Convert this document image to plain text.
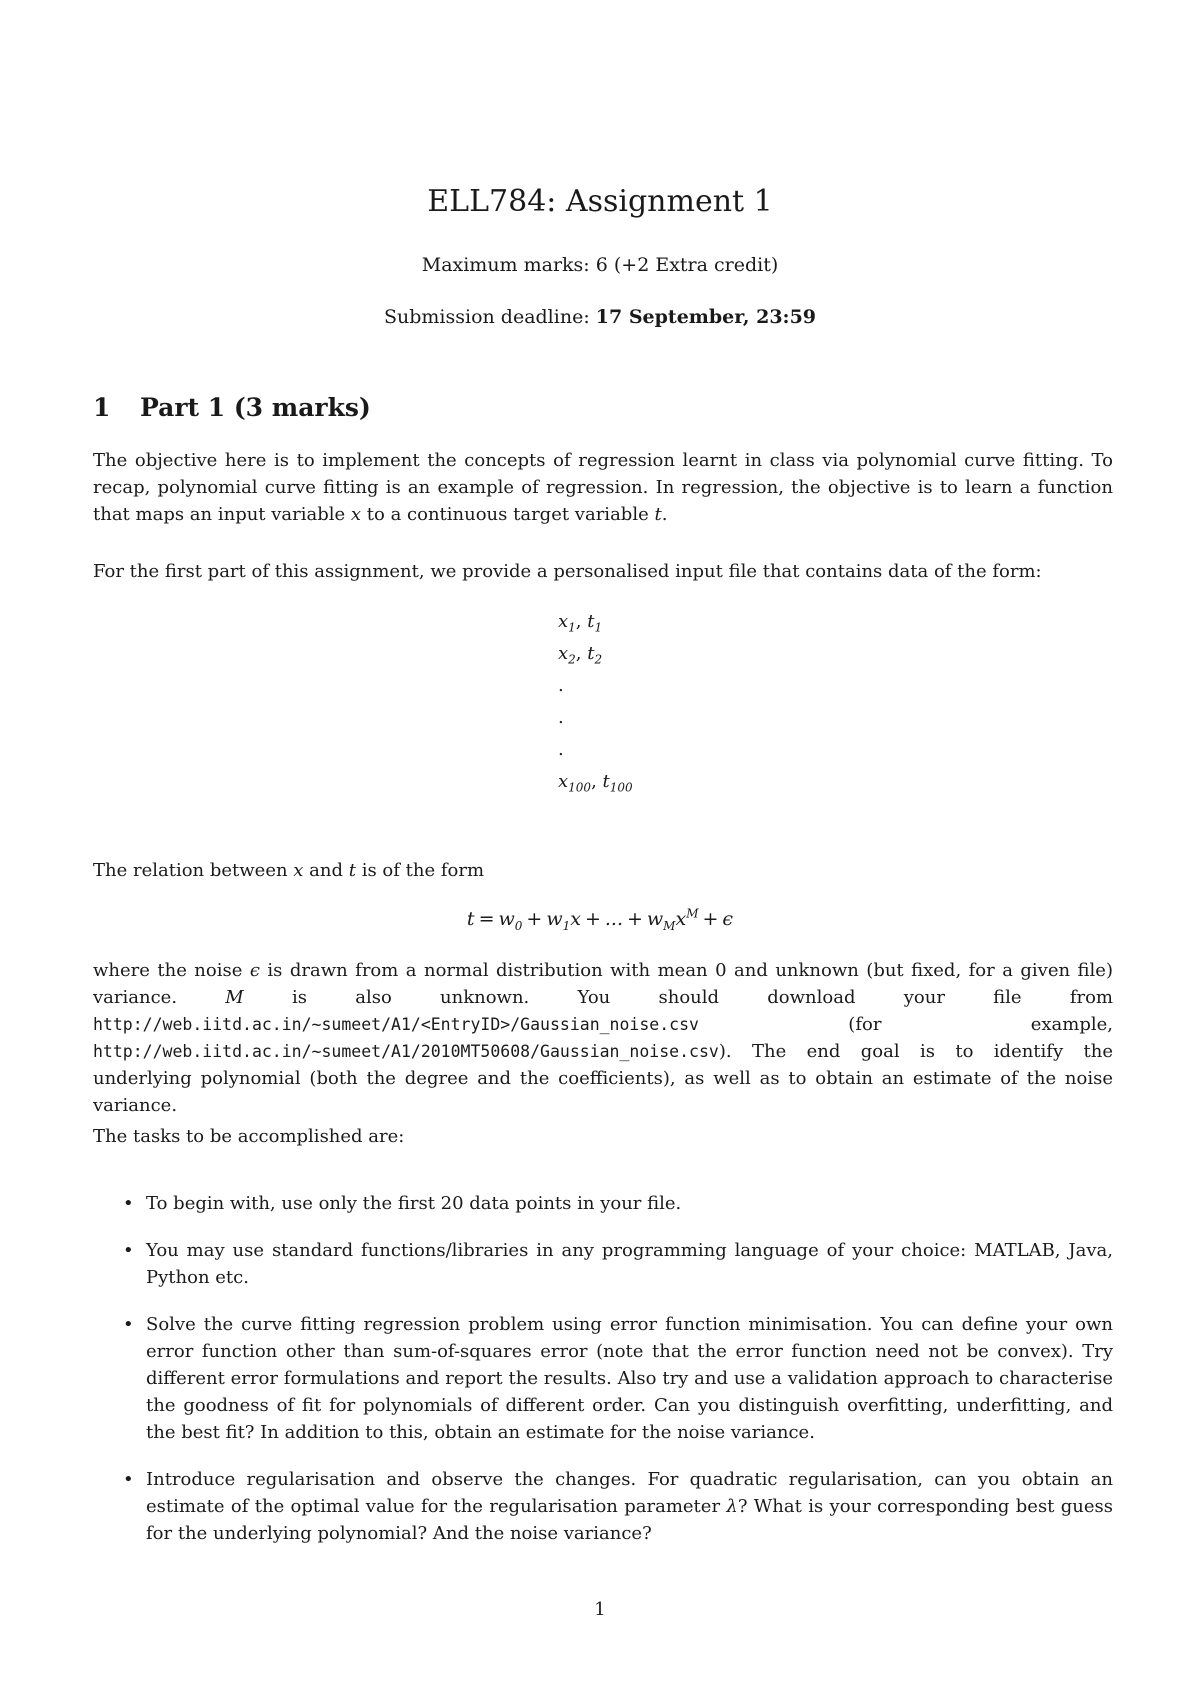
ELL784: Assignment 1
Maximum marks: 6 (+2 Extra credit)
Submission deadline: 17 September, 23:59
1 Part 1 (3 marks)
The objective here is to implement the concepts of regression learnt in class via polynomial curve fitting. To recap, polynomial curve fitting is an example of regression. In regression, the objective is to learn a function that maps an input variable x to a continuous target variable t.
For the first part of this assignment, we provide a personalised input file that contains data of the form:
$x_1$, $t_1$
$x_2$, $t_2$
.
.
.
$x_{100}$, $t_{100}$
The relation between x and t is of the form
$t = w_0 + w_1x$ + ... + $w_Mx^M + \epsilon$
where the noise ϵ is drawn from a normal distribution with mean 0 and unknown (but fixed, for a given file) variance. M is also unknown. You should download your file from http://web.iitd.ac.in/~sumeet/A1/<EntryID>/Gaussian_noise.csv (for example, http://web.iitd.ac.in/~sumeet/A1/2010MT50608/Gaussian_noise.csv). The end goal is to identify the underlying polynomial (both the degree and the coefficients), as well as to obtain an estimate of the noise variance.
The tasks to be accomplished are:
• To begin with, use only the first 20 data points in your file.
• You may use standard functions/libraries in any programming language of your choice: MATLAB, Java, Python etc.
• Solve the curve fitting regression problem using error function minimisation. You can define your own error function other than sum-of-squares error (note that the error function need not be convex). Try different error formulations and report the results. Also try and use a validation approach to characterise the goodness of fit for polynomials of different order. Can you distinguish overfitting, underfitting, and the best fit? In addition to this, obtain an estimate for the noise variance.
• Introduce regularisation and observe the changes. For quadratic regularisation, can you obtain an estimate of the optimal value for the regularisation parameter λ? What is your corresponding best guess for the underlying polynomial? And the noise variance?
1
